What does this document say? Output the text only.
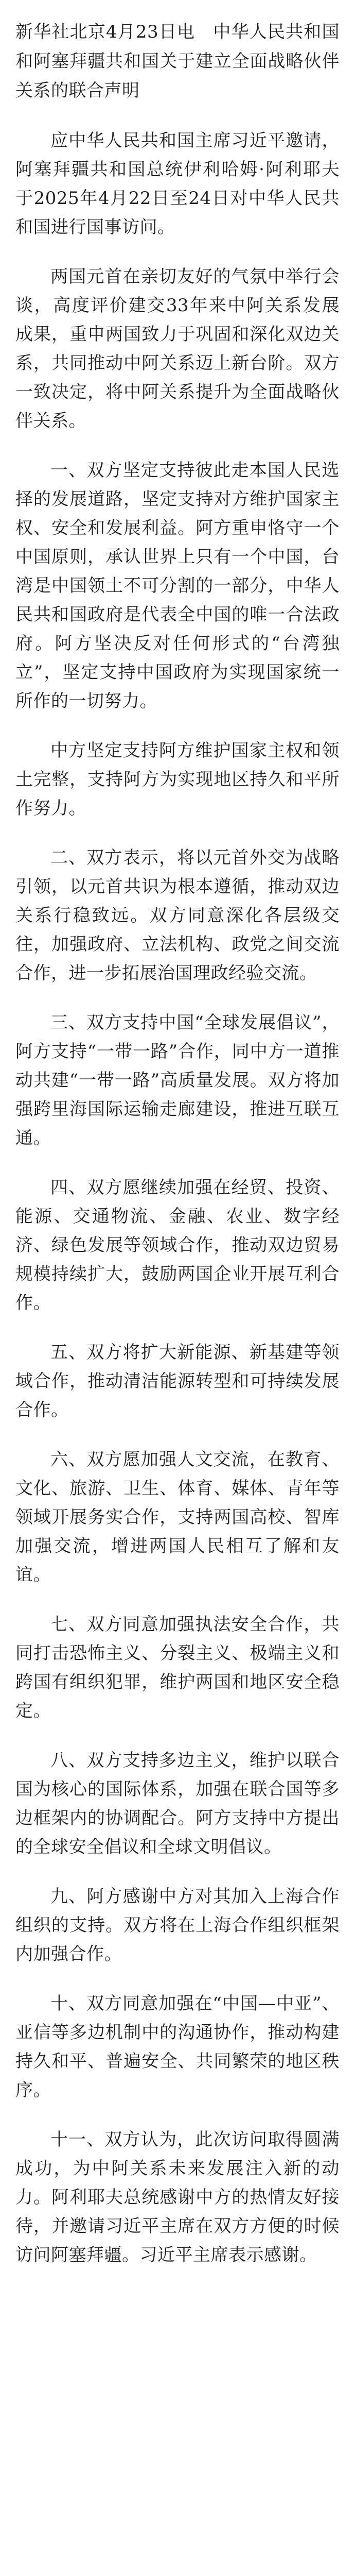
新华社北京4月23日电　中华人民共和国和阿塞拜疆共和国关于建立全面战略伙伴关系的联合声明

应中华人民共和国主席习近平邀请，阿塞拜疆共和国总统伊利哈姆·阿利耶夫于2025年4月22日至24日对中华人民共和国进行国事访问。

两国元首在亲切友好的气氛中举行会谈，高度评价建交33年来中阿关系发展成果，重申两国致力于巩固和深化双边关系，共同推动中阿关系迈上新台阶。双方一致决定，将中阿关系提升为全面战略伙伴关系。

一、双方坚定支持彼此走本国人民选择的发展道路，坚定支持对方维护国家主权、安全和发展利益。阿方重申恪守一个中国原则，承认世界上只有一个中国，台湾是中国领土不可分割的一部分，中华人民共和国政府是代表全中国的唯一合法政府。阿方坚决反对任何形式的“台湾独立”，坚定支持中国政府为实现国家统一所作的一切努力。

中方坚定支持阿方维护国家主权和领土完整，支持阿方为实现地区持久和平所作努力。

二、双方表示，将以元首外交为战略引领，以元首共识为根本遵循，推动双边关系行稳致远。双方同意深化各层级交往，加强政府、立法机构、政党之间交流合作，进一步拓展治国理政经验交流。

三、双方支持中国“全球发展倡议”，阿方支持“一带一路”合作，同中方一道推动共建“一带一路”高质量发展。双方将加强跨里海国际运输走廊建设，推进互联互通。

四、双方愿继续加强在经贸、投资、能源、交通物流、金融、农业、数字经济、绿色发展等领域合作，推动双边贸易规模持续扩大，鼓励两国企业开展互利合作。

五、双方将扩大新能源、新基建等领域合作，推动清洁能源转型和可持续发展合作。

六、双方愿加强人文交流，在教育、文化、旅游、卫生、体育、媒体、青年等领域开展务实合作，支持两国高校、智库加强交流，增进两国人民相互了解和友谊。

七、双方同意加强执法安全合作，共同打击恐怖主义、分裂主义、极端主义和跨国有组织犯罪，维护两国和地区安全稳定。

八、双方支持多边主义，维护以联合国为核心的国际体系，加强在联合国等多边框架内的协调配合。阿方支持中方提出的全球安全倡议和全球文明倡议。

九、阿方感谢中方对其加入上海合作组织的支持。双方将在上海合作组织框架内加强合作。

十、双方同意加强在“中国—中亚”、亚信等多边机制中的沟通协作，推动构建持久和平、普遍安全、共同繁荣的地区秩序。

十一、双方认为，此次访问取得圆满成功，为中阿关系未来发展注入新的动力。阿利耶夫总统感谢中方的热情友好接待，并邀请习近平主席在双方方便的时候访问阿塞拜疆。习近平主席表示感谢。
